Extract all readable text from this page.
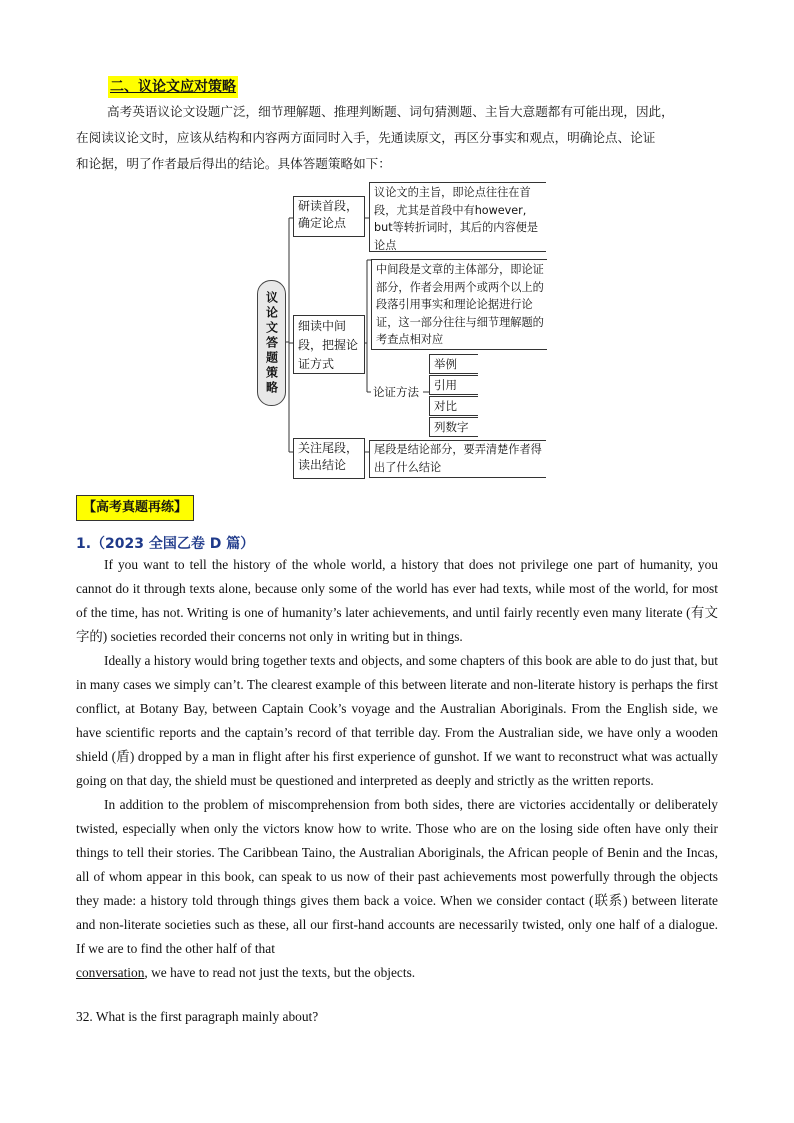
二、议论文应对策略
高考英语议论文设题广泛，细节理解题、推理判断题、词句猜测题、主旨大意题都有可能出现，因此，
在阅读议论文时，应该从结构和内容两方面同时入手，先通读原文，再区分事实和观点，明确论点、论证
和论据，明了作者最后得出的结论。具体答题策略如下：
议论文答题策略
研读首段，确定论点
议论文的主旨，即论点往往在首段，尤其是首段中有however, but等转折词时，其后的内容便是论点
细读中间段，把握论证方式
中间段是文章的主体部分，即论证部分，作者会用两个或两个以上的段落引用事实和理论论据进行论证，这一部分往往与细节理解题的考查点相对应
论证方法
举例
引用
对比
列数字
关注尾段，读出结论
尾段是结论部分，要弄清楚作者得出了什么结论
【高考真题再练】
1.（2023 全国乙卷 D 篇）

If you want to tell the history of the whole world, a history that does not privilege one part of humanity, you cannot do it through texts alone, because only some of the world has ever had texts, while most of the world, for most of the time, has not. Writing is one of humanity’s later achievements, and until fairly recently even many literate (有文字的) societies recorded their concerns not only in writing but in things.

Ideally a history would bring together texts and objects, and some chapters of this book are able to do just that, but in many cases we simply can’t. The clearest example of this between literate and non-literate history is perhaps the first conflict, at Botany Bay, between Captain Cook’s voyage and the Australian Aboriginals. From the English side, we have scientific reports and the captain’s record of that terrible day. From the Australian side, we have only a wooden shield (盾) dropped by a man in flight after his first experience of gunshot. If we want to reconstruct what was actually going on that day, the shield must be questioned and interpreted as deeply and strictly as the written reports.

In addition to the problem of miscomprehension from both sides, there are victories accidentally or deliberately twisted, especially when only the victors know how to write. Those who are on the losing side often have only their things to tell their stories. The Caribbean Taino, the Australian Aboriginals, the African people of Benin and the Incas, all of whom appear in this book, can speak to us now of their past achievements most powerfully through the objects they made: a history told through things gives them back a voice. When we consider contact (联系) between literate and non-literate societies such as these, all our first-hand accounts are necessarily twisted, only one half of a dialogue. If we are to find the other half of that
conversation, we have to read not just the texts, but the objects.

32. What is the first paragraph mainly about?
